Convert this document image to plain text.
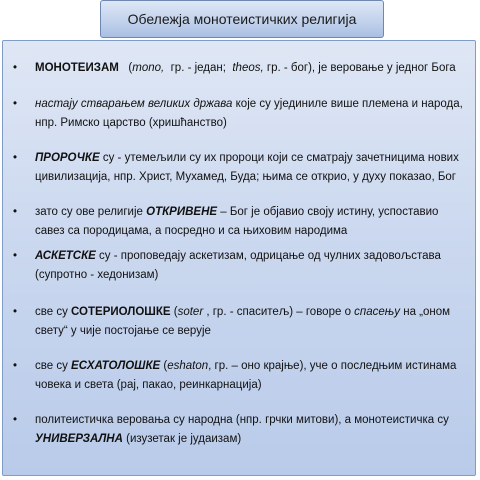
Обележја монотеистичких религија
• МОНОТЕИЗАМ   (mono,  гр. - један;  theos, гр. - бог), је веровање у једног Бога
• настају стварањем великих држава које су ујединиле више племена и народа, нпр. Римско царство (хришћанство)
• ПРОРОЧКЕ су - утемељили су их пророци који се сматрају зачетницима нових цивилизација, нпр. Христ, Мухамед, Буда; њима се открио, у духу показао, Бог
• зато су ове религије ОТКРИВЕНЕ – Бог је објавио своју истину, успоставио савез са породицама, а посредно и са њиховим народима
• АСКЕТСКЕ су - проповедају аскетизам, одрицање од чулних задовољстава (супротно - хедонизам)
• све су СОТЕРИОЛОШКЕ (soter , гр. - спаситељ) – говоре о спасењу на „оном свету“ у чије постојање се верује
• све су ЕСХАТОЛОШКЕ (eshaton, гр. – оно крајње), уче о последњим истинама човека и света (рај, пакао, реинкарнација)
• политеистичка веровања су народна (нпр. грчки митови), а монотеистичка су УНИВЕРЗАЛНА (изузетак је јудаизам)
